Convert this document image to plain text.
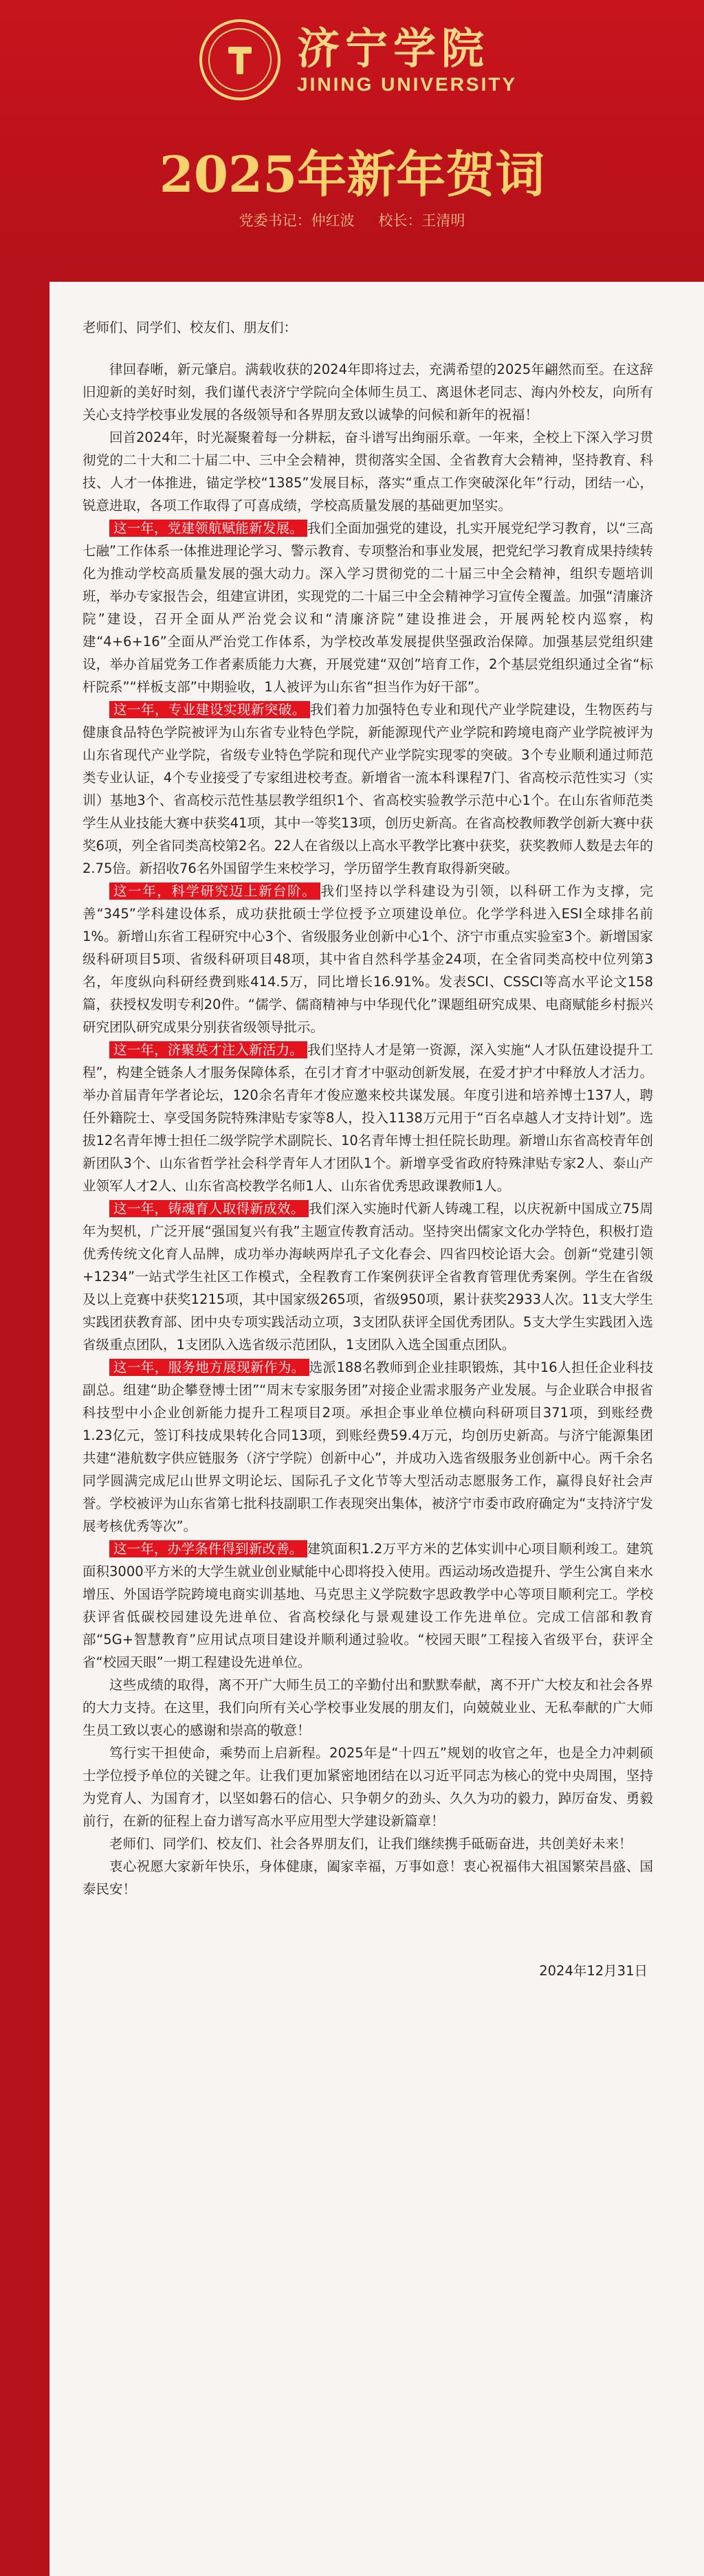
济宁学院
JINING UNIVERSITY
2025年新年贺词
党委书记：仲红波 校长：王清明

老师们、同学们、校友们、朋友们：

律回春晰，新元肇启。满载收获的2024年即将过去，充满希望的2025年翩然而至。在这辞旧迎新的美好时刻，我们谨代表济宁学院向全体师生员工、离退休老同志、海内外校友，向所有关心支持学校事业发展的各级领导和各界朋友致以诚挚的问候和新年的祝福！

回首2024年，时光凝聚着每一分耕耘，奋斗谱写出绚丽乐章。一年来，全校上下深入学习贯彻党的二十大和二十届二中、三中全会精神，贯彻落实全国、全省教育大会精神，坚持教育、科技、人才一体推进，锚定学校“1385”发展目标，落实“重点工作突破深化年”行动，团结一心，锐意进取，各项工作取得了可喜成绩，学校高质量发展的基础更加坚实。

这一年，党建领航赋能新发展。 我们全面加强党的建设，扎实开展党纪学习教育，以“三高七融”工作体系一体推进理论学习、警示教育、专项整治和事业发展，把党纪学习教育成果持续转化为推动学校高质量发展的强大动力。深入学习贯彻党的二十届三中全会精神，组织专题培训班，举办专家报告会，组建宣讲团，实现党的二十届三中全会精神学习宣传全覆盖。加强“清廉济院”建设，召开全面从严治党会议和“清廉济院”建设推进会，开展两轮校内巡察，构建“4+6+16”全面从严治党工作体系，为学校改革发展提供坚强政治保障。加强基层党组织建设，举办首届党务工作者素质能力大赛，开展党建“双创”培育工作，2个基层党组织通过全省“标杆院系”“样板支部”中期验收，1人被评为山东省“担当作为好干部”。

这一年，专业建设实现新突破。 我们着力加强特色专业和现代产业学院建设，生物医药与健康食品特色学院被评为山东省专业特色学院，新能源现代产业学院和跨境电商产业学院被评为山东省现代产业学院，省级专业特色学院和现代产业学院实现零的突破。3个专业顺利通过师范类专业认证，4个专业接受了专家组进校考查。新增省一流本科课程7门、省高校示范性实习（实训）基地3个、省高校示范性基层教学组织1个、省高校实验教学示范中心1个。在山东省师范类学生从业技能大赛中获奖41项，其中一等奖13项，创历史新高。在省高校教师教学创新大赛中获奖6项，列全省同类高校第2名。22人在省级以上高水平教学比赛中获奖，获奖教师人数是去年的2.75倍。新招收76名外国留学生来校学习，学历留学生教育取得新突破。

这一年，科学研究迈上新台阶。 我们坚持以学科建设为引领，以科研工作为支撑，完善“345”学科建设体系，成功获批硕士学位授予立项建设单位。化学学科进入ESI全球排名前1%。新增山东省工程研究中心3个、省级服务业创新中心1个、济宁市重点实验室3个。新增国家级科研项目5项、省级科研项目48项，其中省自然科学基金24项，在全省同类高校中位列第3名，年度纵向科研经费到账414.5万，同比增长16.91%。发表SCI、CSSCI等高水平论文158篇，获授权发明专利20件。“儒学、儒商精神与中华现代化”课题组研究成果、电商赋能乡村振兴研究团队研究成果分别获省级领导批示。

这一年，济聚英才注入新活力。 我们坚持人才是第一资源，深入实施“人才队伍建设提升工程”，构建全链条人才服务保障体系，在引才育才中驱动创新发展，在爱才护才中释放人才活力。举办首届青年学者论坛，120余名青年才俊应邀来校共谋发展。年度引进和培养博士137人，聘任外籍院士、享受国务院特殊津贴专家等8人，投入1138万元用于“百名卓越人才支持计划”。选拔12名青年博士担任二级学院学术副院长、10名青年博士担任院长助理。新增山东省高校青年创新团队3个、山东省哲学社会科学青年人才团队1个。新增享受省政府特殊津贴专家2人、泰山产业领军人才2人、山东省高校教学名师1人、山东省优秀思政课教师1人。

这一年，铸魂育人取得新成效。 我们深入实施时代新人铸魂工程，以庆祝新中国成立75周年为契机，广泛开展“强国复兴有我”主题宣传教育活动。坚持突出儒家文化办学特色，积极打造优秀传统文化育人品牌，成功举办海峡两岸孔子文化春会、四省四校论语大会。创新“党建引领+1234”一站式学生社区工作模式，全程教育工作案例获评全省教育管理优秀案例。学生在省级及以上竞赛中获奖1215项，其中国家级265项，省级950项，累计获奖2933人次。11支大学生实践团获教育部、团中央专项实践活动立项，3支团队获评全国优秀团队。5支大学生实践团入选省级重点团队，1支团队入选省级示范团队，1支团队入选全国重点团队。

这一年，服务地方展现新作为。 选派188名教师到企业挂职锻炼，其中16人担任企业科技副总。组建“助企攀登博士团”“周末专家服务团”对接企业需求服务产业发展。与企业联合申报省科技型中小企业创新能力提升工程项目2项。承担企事业单位横向科研项目371项，到账经费1.23亿元，签订科技成果转化合同13项，到账经费59.4万元，均创历史新高。与济宁能源集团共建“港航数字供应链服务（济宁学院）创新中心”，并成功入选省级服务业创新中心。两千余名同学圆满完成尼山世界文明论坛、国际孔子文化节等大型活动志愿服务工作，赢得良好社会声誉。学校被评为山东省第七批科技副职工作表现突出集体，被济宁市委市政府确定为“支持济宁发展考核优秀等次”。

这一年，办学条件得到新改善。 建筑面积1.2万平方米的艺体实训中心项目顺利竣工。建筑面积3000平方米的大学生就业创业赋能中心即将投入使用。西运动场改造提升、学生公寓自来水增压、外国语学院跨境电商实训基地、马克思主义学院数字思政教学中心等项目顺利完工。学校获评省低碳校园建设先进单位、省高校绿化与景观建设工作先进单位。完成工信部和教育部“5G+智慧教育”应用试点项目建设并顺利通过验收。“校园天眼”工程接入省级平台，获评全省“校园天眼”一期工程建设先进单位。

这些成绩的取得，离不开广大师生员工的辛勤付出和默默奉献，离不开广大校友和社会各界的大力支持。在这里，我们向所有关心学校事业发展的朋友们，向兢兢业业、无私奉献的广大师生员工致以衷心的感谢和崇高的敬意！

笃行实干担使命，乘势而上启新程。2025年是“十四五”规划的收官之年，也是全力冲刺硕士学位授予单位的关键之年。让我们更加紧密地团结在以习近平同志为核心的党中央周围，坚持为党育人、为国育才，以坚如磐石的信心、只争朝夕的劲头、久久为功的毅力，踔厉奋发、勇毅前行，在新的征程上奋力谱写高水平应用型大学建设新篇章！

老师们、同学们、校友们、社会各界朋友们，让我们继续携手砥砺奋进，共创美好未来！

衷心祝愿大家新年快乐，身体健康，阖家幸福，万事如意！衷心祝福伟大祖国繁荣昌盛、国泰民安！

2024年12月31日
